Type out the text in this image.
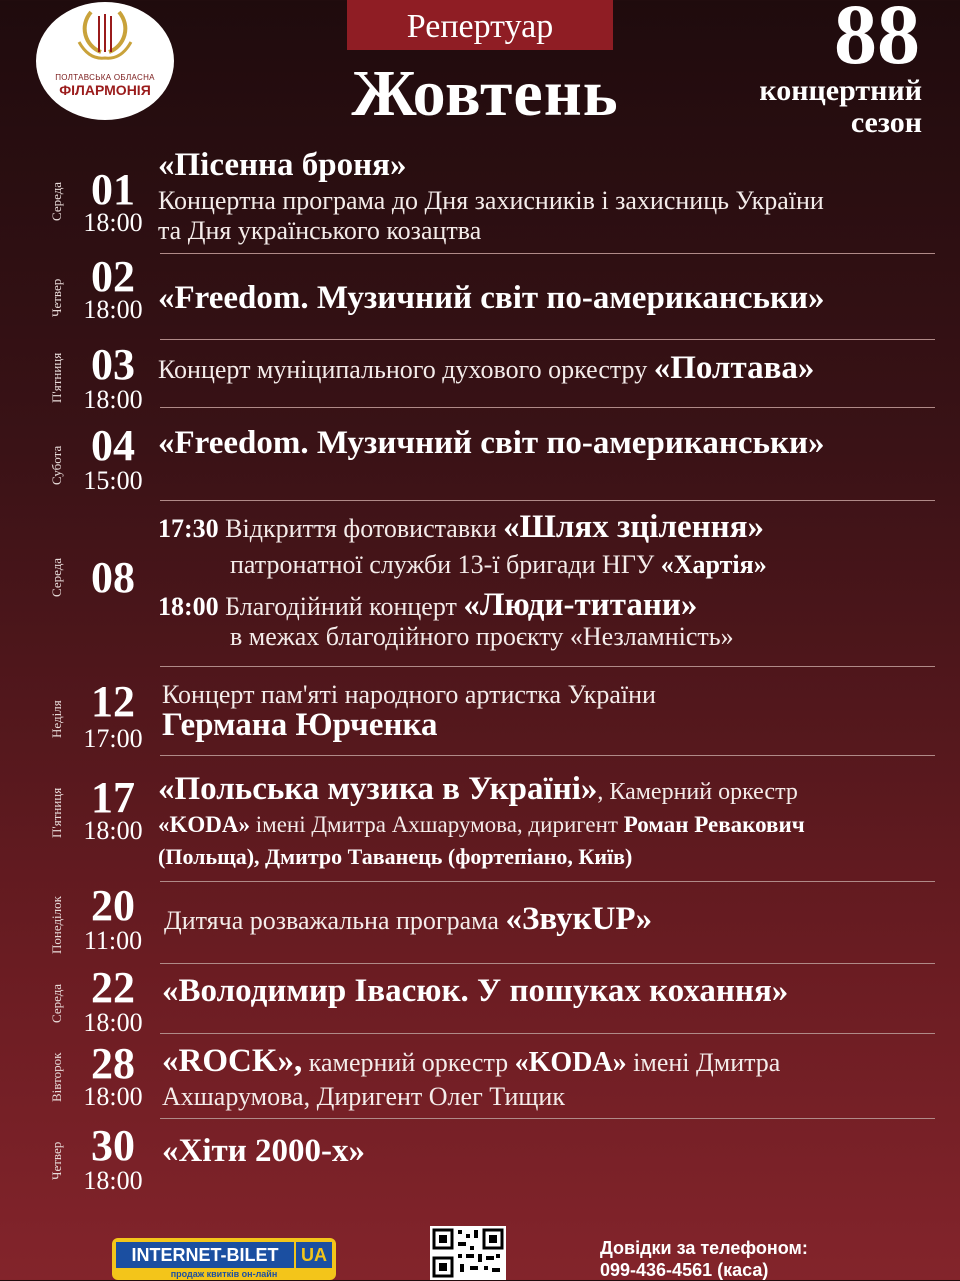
ПОЛТАВСЬКА ОБЛАСНА
ФІЛАРМОНІЯ
Репертуар
Жовтень
88
концертний
сезон
Середа 01
18:00
«Пісенна броня»
Концертна програма до Дня захисників і захисниць України
та Дня українського козацтва
Четвер 02
18:00 «Freedom. Музичний світ по-американськи»
П'ятниця 03
18:00
Концерт муніципального духового оркестру «Полтава»
Субота 04
15:00
«Freedom. Музичний світ по-американськи»
Середа 08
17:30 Відкриття фотовиставки «Шлях зцілення»
патронатної служби 13-ї бригади НГУ «Хартія»
18:00 Благодійний концерт «Люди-титани»
в межах благодійного проєкту «Незламність»
Неділя 12
17:00
Концерт пам'яті народного артистка України
Германа Юрченка
П'ятниця 17
18:00
«Польська музика в Україні», Камерний оркестр
«KODA» імені Дмитра Ахшарумова, диригент Роман Ревакович
(Польща), Дмитро Таванець (фортепіано, Київ)
Понеділок 20
11:00
Дитяча розважальна програма «ЗвукUP»
Середа 22
18:00
«Володимир Івасюк. У пошуках кохання»
Вівторок 28
18:00
«ROCK», камерний оркестр «KODA» імені Дмитра
Ахшарумова, Диригент Олег Тищик
Четвер 30
18:00
«Хіти 2000-х»
INTERNET-BILET	UA
продаж квитків он-лайн
Довідки за телефоном:
099-436-4561 (каса)
